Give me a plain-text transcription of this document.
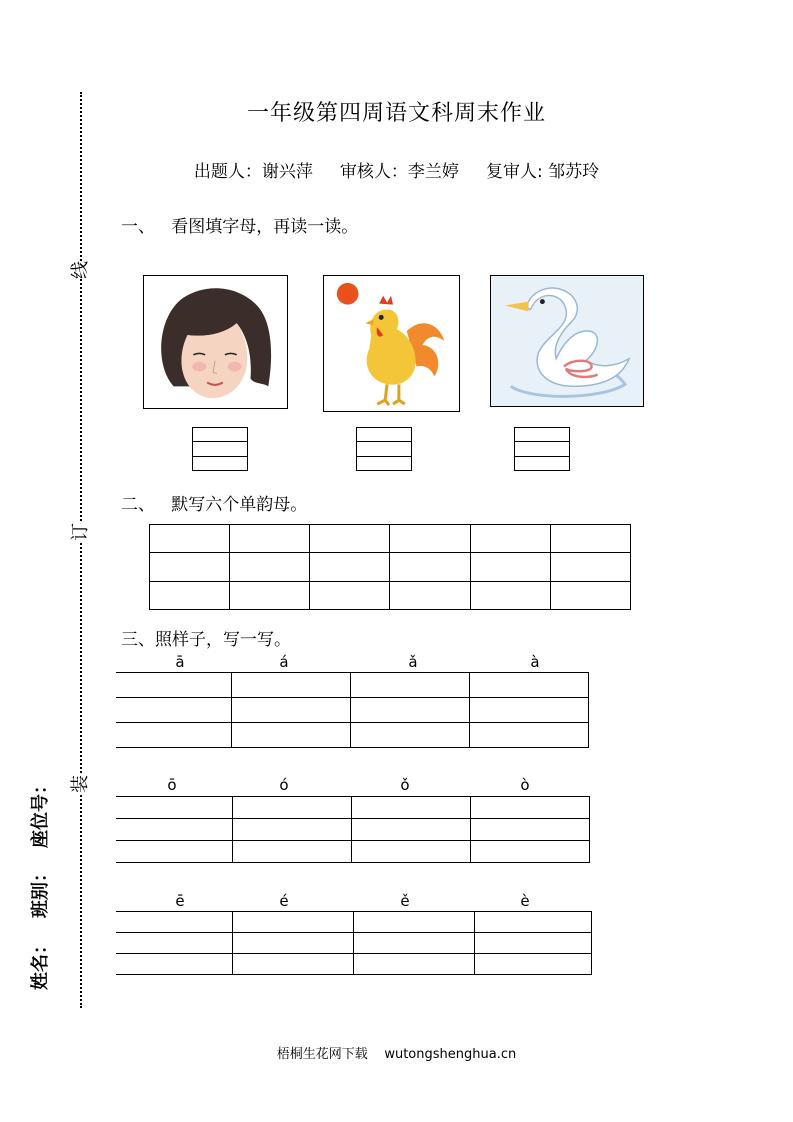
线
订
装
姓名：
班别：
座位号：
一年级第四周语文科周末作业
出题人：谢兴萍 审核人：李兰婷 复审人: 邹苏玲
一、 看图填字母，再读一读。
二、 默写六个单韵母。

三、照样子，写一写。
ā	á	ǎ	à

ō	ó	ǒ	ò

ē	é	ě	è

梧桐生花网下载 wutongshenghua.cn
